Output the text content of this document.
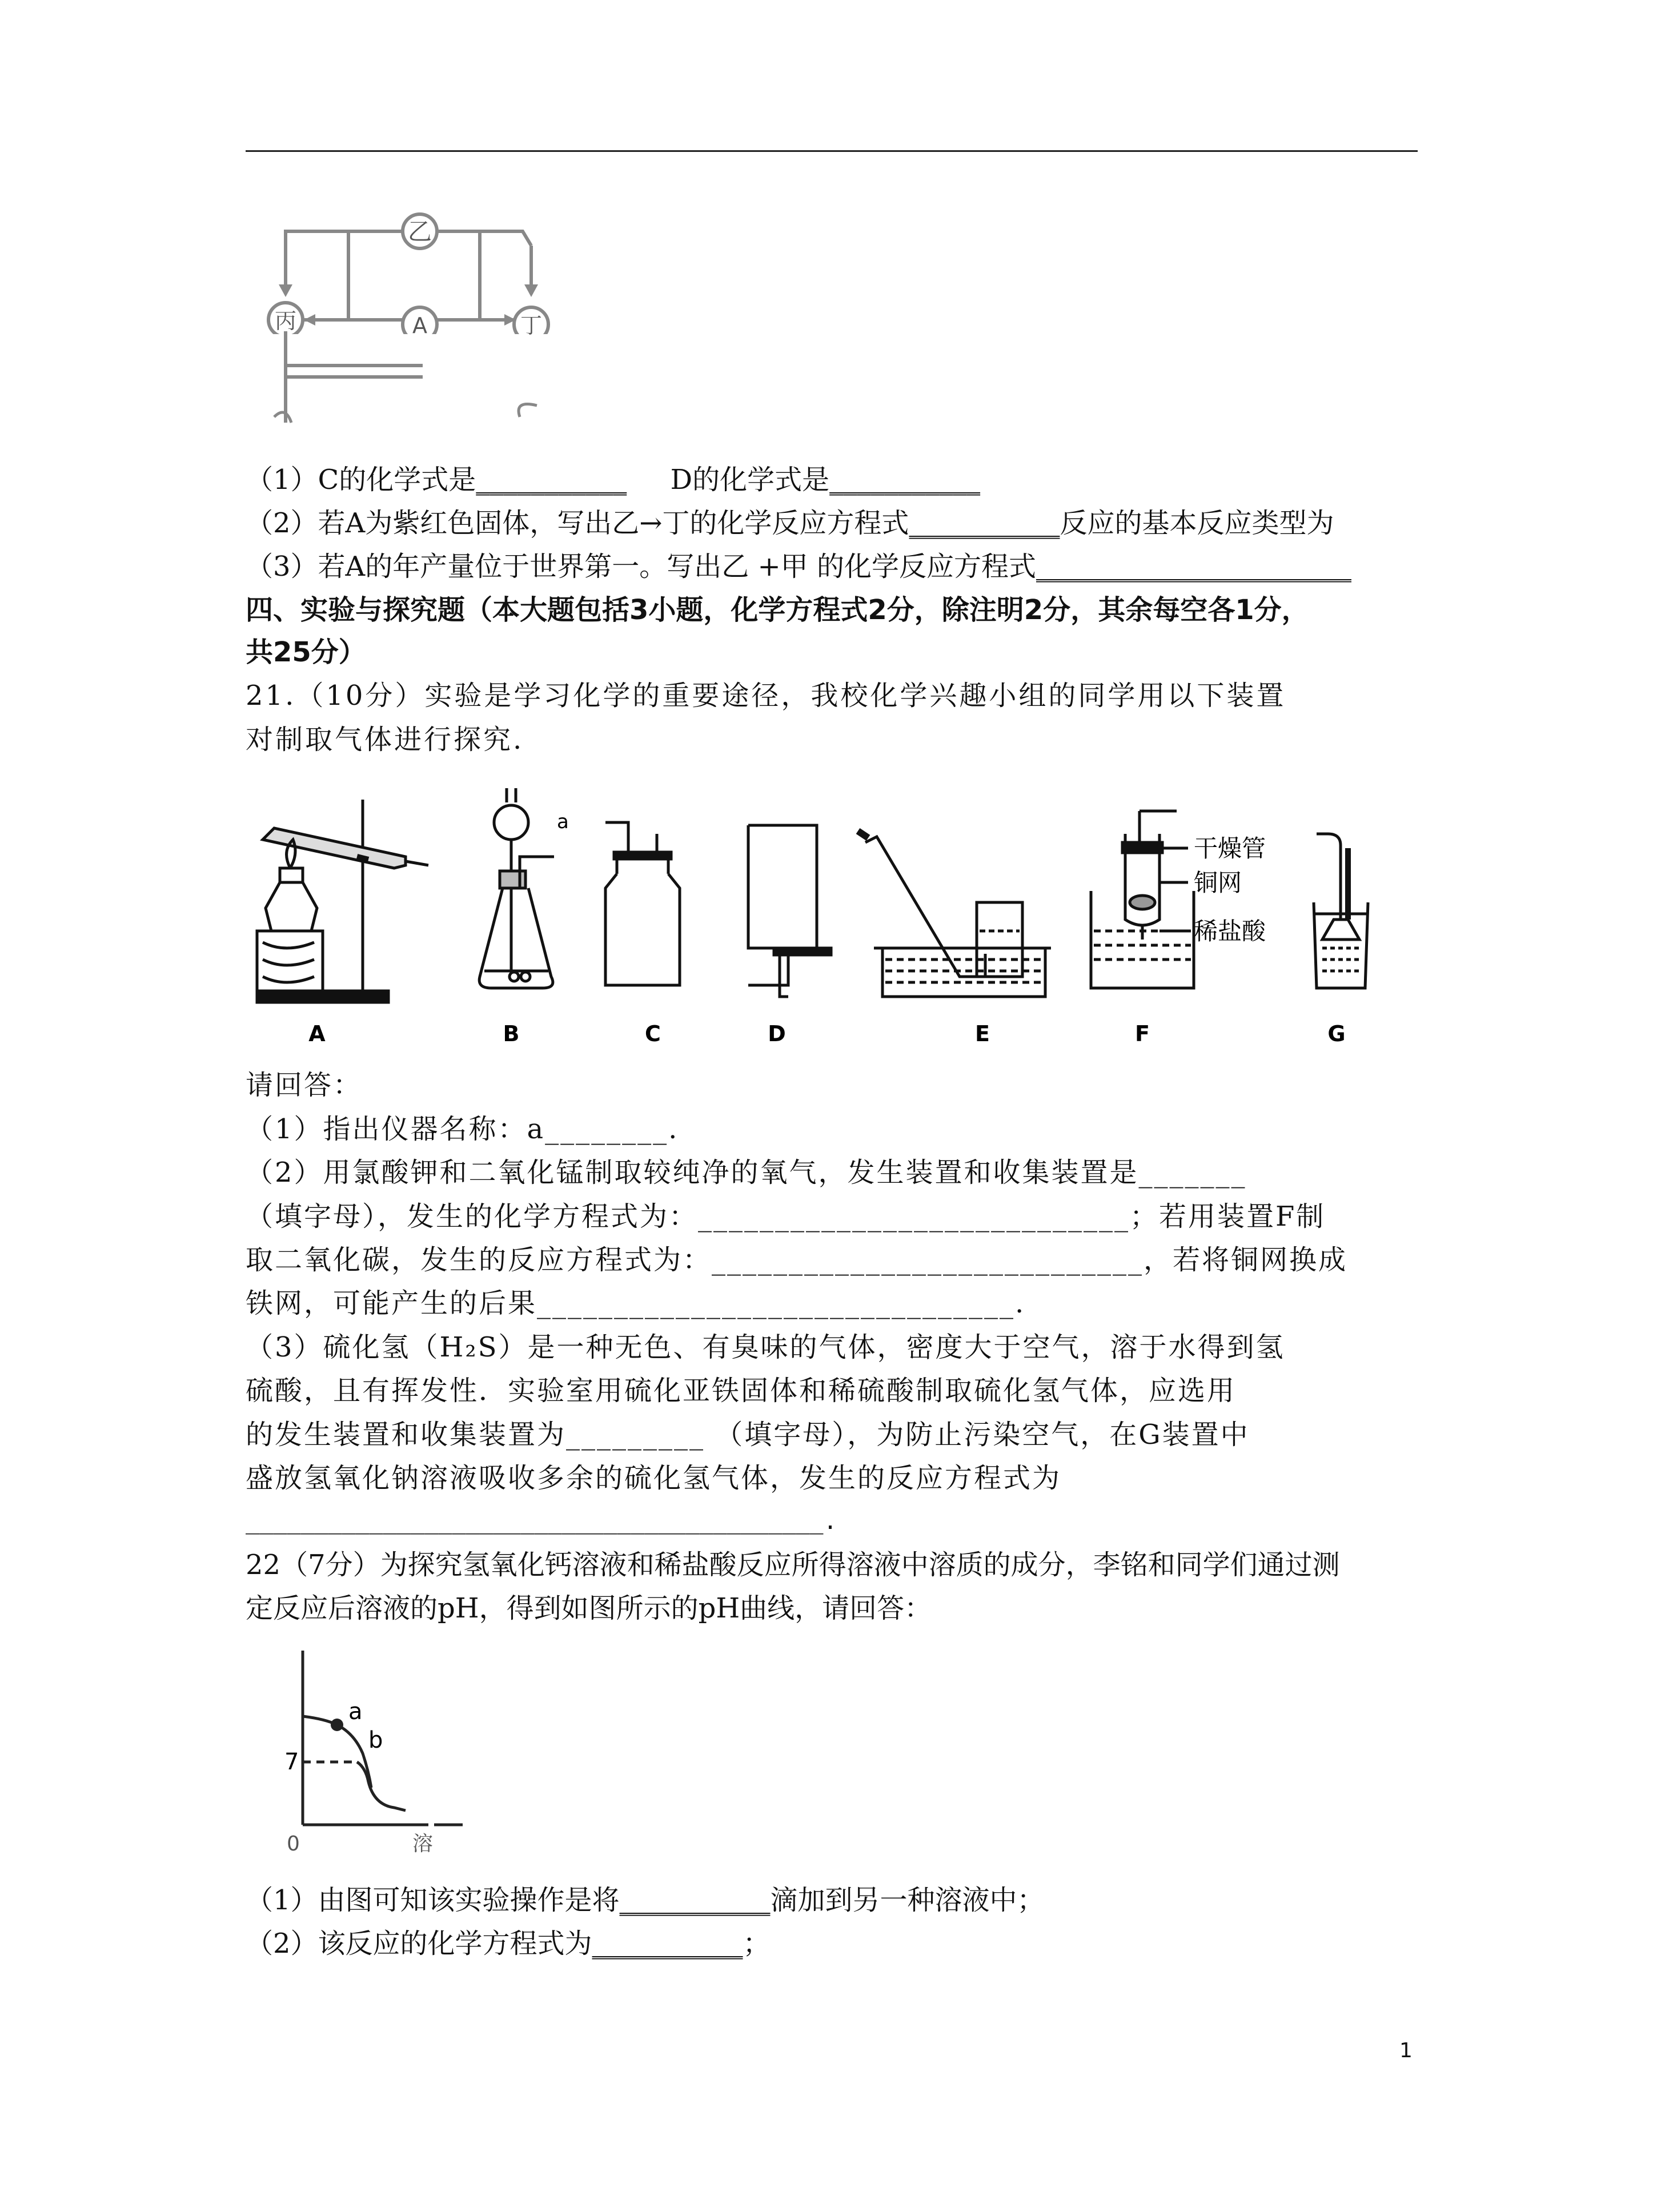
乙
丙	A	丁
（1）C的化学式是___________ D的化学式是___________
（2）若A为紫红色固体，写出乙→丁的化学反应方程式___________反应的基本反应类型为
（3）若A的年产量位于世界第一。写出乙 +甲 的化学反应方程式_______________________
四、实验与探究题（本大题包括3小题，化学方程式2分，除注明2分，其余每空各1分，
共25分）
21.（10分）实验是学习化学的重要途径，我校化学兴趣小组的同学用以下装置
对制取气体进行探究.
a
干燥管
铜网
稀盐酸
A	B	C	D	E	F	G
请回答：
（1）指出仪器名称：a________.
（2）用氯酸钾和二氧化锰制取较纯净的氧气，发生装置和收集装置是_______
（填字母），发生的化学方程式为：____________________________；若用装置F制
取二氧化碳，发生的反应方程式为：____________________________，若将铜网换成
铁网，可能产生的后果_______________________________.
（3）硫化氢（H₂S）是一种无色、有臭味的气体，密度大于空气，溶于水得到氢
硫酸，且有挥发性．实验室用硫化亚铁固体和稀硫酸制取硫化氢气体，应选用
的发生装置和收集装置为_________ （填字母），为防止污染空气，在G装置中
盛放氢氧化钠溶液吸收多余的硫化氢气体，发生的反应方程式为
__________________________________________.
22（7分）为探究氢氧化钙溶液和稀盐酸反应所得溶液中溶质的成分，李铭和同学们通过测
定反应后溶液的pH，得到如图所示的pH曲线，请回答：
a
b
7
0	溶
（1）由图可知该实验操作是将___________滴加到另一种溶液中；
（2）该反应的化学方程式为___________；
1
